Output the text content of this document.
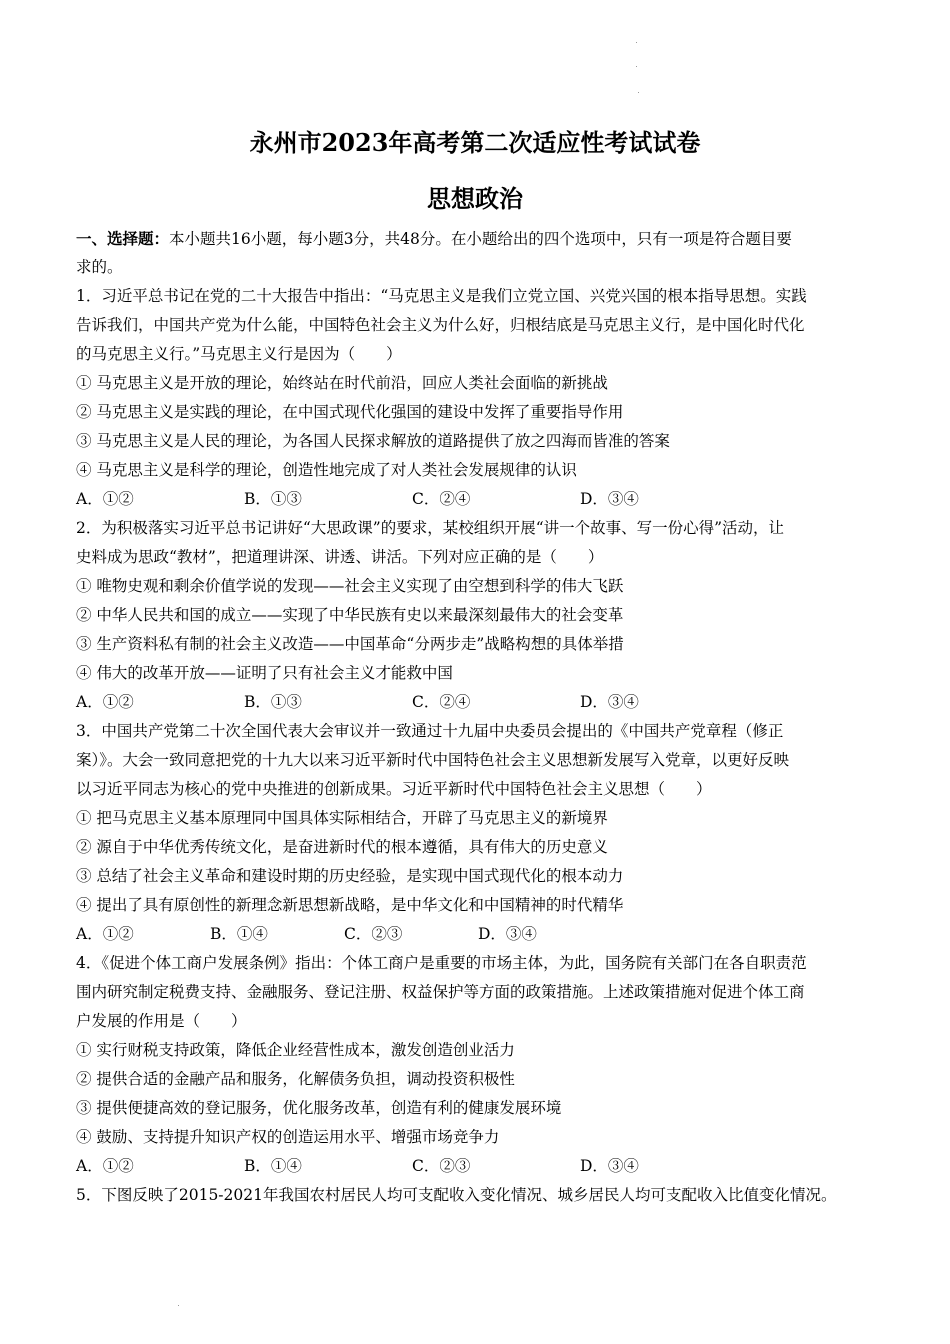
永州市2023年高考第二次适应性考试试卷
思想政治
一、选择题：本小题共16小题，每小题3分，共48分。在小题给出的四个选项中，只有一项是符合题目要
求的。
1．习近平总书记在党的二十大报告中指出：“马克思主义是我们立党立国、兴党兴国的根本指导思想。实践
告诉我们，中国共产党为什么能，中国特色社会主义为什么好，归根结底是马克思主义行，是中国化时代化
的马克思主义行。”马克思主义行是因为（　　）
① 马克思主义是开放的理论，始终站在时代前沿，回应人类社会面临的新挑战
② 马克思主义是实践的理论，在中国式现代化强国的建设中发挥了重要指导作用
③ 马克思主义是人民的理论，为各国人民探求解放的道路提供了放之四海而皆准的答案
④ 马克思主义是科学的理论，创造性地完成了对人类社会发展规律的认识
A．①②	B．①③	C．②④	D．③④
2．为积极落实习近平总书记讲好“大思政课”的要求，某校组织开展“讲一个故事、写一份心得”活动，让
史料成为思政“教材”，把道理讲深、讲透、讲活。下列对应正确的是（　　）
① 唯物史观和剩余价值学说的发现——社会主义实现了由空想到科学的伟大飞跃
② 中华人民共和国的成立——实现了中华民族有史以来最深刻最伟大的社会变革
③ 生产资料私有制的社会主义改造——中国革命“分两步走”战略构想的具体举措
④ 伟大的改革开放——证明了只有社会主义才能救中国
A．①②	B．①③	C．②④	D．③④
3．中国共产党第二十次全国代表大会审议并一致通过十九届中央委员会提出的《中国共产党章程（修正
案）》。大会一致同意把党的十九大以来习近平新时代中国特色社会主义思想新发展写入党章，以更好反映
以习近平同志为核心的党中央推进的创新成果。习近平新时代中国特色社会主义思想（　　）
① 把马克思主义基本原理同中国具体实际相结合，开辟了马克思主义的新境界
② 源自于中华优秀传统文化，是奋进新时代的根本遵循，具有伟大的历史意义
③ 总结了社会主义革命和建设时期的历史经验，是实现中国式现代化的根本动力
④ 提出了具有原创性的新理念新思想新战略，是中华文化和中国精神的时代精华
A．①②	B．①④	C．②③	D．③④
4．《促进个体工商户发展条例》指出：个体工商户是重要的市场主体，为此，国务院有关部门在各自职责范
围内研究制定税费支持、金融服务、登记注册、权益保护等方面的政策措施。上述政策措施对促进个体工商
户发展的作用是（　　）
① 实行财税支持政策，降低企业经营性成本，激发创造创业活力
② 提供合适的金融产品和服务，化解债务负担，调动投资积极性
③ 提供便捷高效的登记服务，优化服务改革，创造有利的健康发展环境
④ 鼓励、支持提升知识产权的创造运用水平、增强市场竞争力
A．①②	B．①④	C．②③	D．③④
5．下图反映了2015-2021年我国农村居民人均可支配收入变化情况、城乡居民人均可支配收入比值变化情况。
